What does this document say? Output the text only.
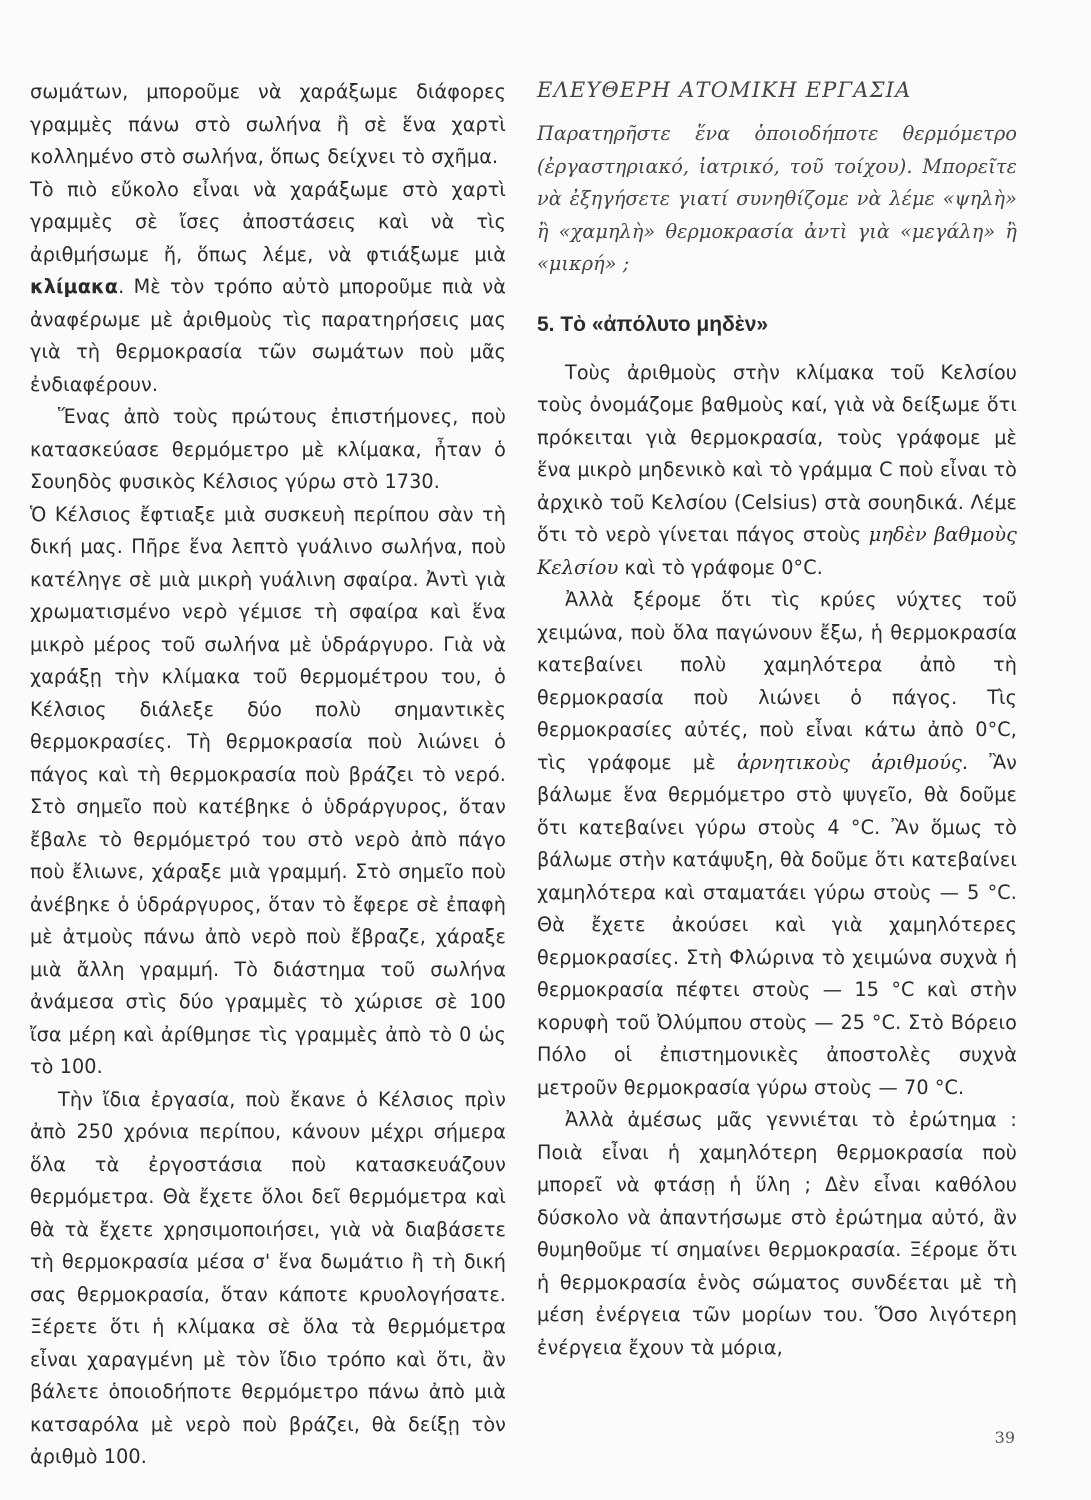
σωμάτων, μποροῦμε νὰ χαράξωμε διάφορες γραμμὲς πάνω στὸ σωλήνα ἢ σὲ ἕνα χαρτὶ κολλημένο στὸ σωλήνα, ὅπως δείχνει τὸ σχῆμα.

Τὸ πιὸ εὔκολο εἶναι νὰ χαράξωμε στὸ χαρτὶ γραμμὲς σὲ ἴσες ἀποστάσεις καὶ νὰ τὶς ἀριθμήσωμε ἤ, ὅπως λέμε, νὰ φτιάξωμε μιὰ κλίμακα. Μὲ τὸν τρόπο αὐτὸ μποροῦμε πιὰ νὰ ἀναφέρωμε μὲ ἀριθμοὺς τὶς παρατηρήσεις μας γιὰ τὴ θερμοκρασία τῶν σωμάτων ποὺ μᾶς ἐνδιαφέρουν.

Ἕνας ἀπὸ τοὺς πρώτους ἐπιστήμονες, ποὺ κατασκεύασε θερμόμετρο μὲ κλίμακα, ἦταν ὁ Σουηδὸς φυσικὸς Κέλσιος γύρω στὸ 1730.

Ὁ Κέλσιος ἔφτιαξε μιὰ συσκευὴ περίπου σὰν τὴ δική μας. Πῆρε ἕνα λεπτὸ γυάλινο σωλήνα, ποὺ κατέληγε σὲ μιὰ μικρὴ γυάλινη σφαίρα. Ἀντὶ γιὰ χρωματισμένο νερὸ γέμισε τὴ σφαίρα καὶ ἕνα μικρὸ μέρος τοῦ σωλήνα μὲ ὑδράργυρο. Γιὰ νὰ χαράξῃ τὴν κλίμακα τοῦ θερμομέτρου του, ὁ Κέλσιος διάλεξε δύο πολὺ σημαντικὲς θερμοκρασίες. Τὴ θερμοκρασία ποὺ λιώνει ὁ πάγος καὶ τὴ θερμοκρασία ποὺ βράζει τὸ νερό. Στὸ σημεῖο ποὺ κατέβηκε ὁ ὑδράργυρος, ὅταν ἔβαλε τὸ θερμόμετρό του στὸ νερὸ ἀπὸ πάγο ποὺ ἔλιωνε, χάραξε μιὰ γραμμή. Στὸ σημεῖο ποὺ ἀνέβηκε ὁ ὑδράργυρος, ὅταν τὸ ἔφερε σὲ ἐπαφὴ μὲ ἀτμοὺς πάνω ἀπὸ νερὸ ποὺ ἔβραζε, χάραξε μιὰ ἄλλη γραμμή. Τὸ διάστημα τοῦ σωλήνα ἀνάμεσα στὶς δύο γραμμὲς τὸ χώρισε σὲ 100 ἴσα μέρη καὶ ἀρίθμησε τὶς γραμμὲς ἀπὸ τὸ 0 ὡς τὸ 100.

Τὴν ἴδια ἐργασία, ποὺ ἔκανε ὁ Κέλσιος πρὶν ἀπὸ 250 χρόνια περίπου, κάνουν μέχρι σήμερα ὅλα τὰ ἐργοστάσια ποὺ κατασκευάζουν θερμόμετρα. Θὰ ἔχετε ὅλοι δεῖ θερμόμετρα καὶ θὰ τὰ ἔχετε χρησιμοποιήσει, γιὰ νὰ διαβάσετε τὴ θερμοκρασία μέσα σ' ἕνα δωμάτιο ἢ τὴ δική σας θερμοκρασία, ὅταν κάποτε κρυολογήσατε. Ξέρετε ὅτι ἡ κλίμακα σὲ ὅλα τὰ θερμόμετρα εἶναι χαραγμένη μὲ τὸν ἴδιο τρόπο καὶ ὅτι, ἂν βάλετε ὁποιοδήποτε θερμόμετρο πάνω ἀπὸ μιὰ κατσαρόλα μὲ νερὸ ποὺ βράζει, θὰ δείξῃ τὸν ἀριθμὸ 100.

ΕΛΕΥΘΕΡΗ ΑΤΟΜΙΚΗ ΕΡΓΑΣΙΑ

Παρατηρῆστε ἕνα ὁποιοδήποτε θερμόμετρο (ἐργαστηριακό, ἰατρικό, τοῦ τοίχου). Μπορεῖτε νὰ ἐξηγήσετε γιατί συνηθίζομε νὰ λέμε «ψηλὴ» ἢ «χαμηλὴ» θερμοκρασία ἀντὶ γιὰ «μεγάλη» ἢ «μικρή» ;

5. Τὸ «ἀπόλυτο μηδὲν»

Τοὺς ἀριθμοὺς στὴν κλίμακα τοῦ Κελσίου τοὺς ὀνομάζομε βαθμοὺς καί, γιὰ νὰ δείξωμε ὅτι πρόκειται γιὰ θερμοκρασία, τοὺς γράφομε μὲ ἕνα μικρὸ μηδενικὸ καὶ τὸ γράμμα C ποὺ εἶναι τὸ ἀρχικὸ τοῦ Κελσίου (Celsius) στὰ σουηδικά. Λέμε ὅτι τὸ νερὸ γίνεται πάγος στοὺς μηδὲν βαθμοὺς Κελσίου καὶ τὸ γράφομε 0°C.

Ἀλλὰ ξέρομε ὅτι τὶς κρύες νύχτες τοῦ χειμώνα, ποὺ ὅλα παγώνουν ἔξω, ἡ θερμοκρασία κατεβαίνει πολὺ χαμηλότερα ἀπὸ τὴ θερμοκρασία ποὺ λιώνει ὁ πάγος. Τὶς θερμοκρασίες αὐτές, ποὺ εἶναι κάτω ἀπὸ 0°C, τὶς γράφομε μὲ ἀρνητικοὺς ἀριθμούς. Ἂν βάλωμε ἕνα θερμόμετρο στὸ ψυγεῖο, θὰ δοῦμε ὅτι κατεβαίνει γύρω στοὺς 4 °C. Ἂν ὅμως τὸ βάλωμε στὴν κατάψυξη, θὰ δοῦμε ὅτι κατεβαίνει χαμηλότερα καὶ σταματάει γύρω στοὺς — 5 °C. Θὰ ἔχετε ἀκούσει καὶ γιὰ χαμηλότερες θερμοκρασίες. Στὴ Φλώρινα τὸ χειμώνα συχνὰ ἡ θερμοκρασία πέφτει στοὺς — 15 °C καὶ στὴν κορυφὴ τοῦ Ὀλύμπου στοὺς — 25 °C. Στὸ Βόρειο Πόλο οἱ ἐπιστημονικὲς ἀποστολὲς συχνὰ μετροῦν θερμοκρασία γύρω στοὺς — 70 °C.

Ἀλλὰ ἀμέσως μᾶς γεννιέται τὸ ἐρώτημα : Ποιὰ εἶναι ἡ χαμηλότερη θερμοκρασία ποὺ μπορεῖ νὰ φτάσῃ ἡ ὕλη ; Δὲν εἶναι καθόλου δύσκολο νὰ ἀπαντήσωμε στὸ ἐρώτημα αὐτό, ἂν θυμηθοῦμε τί σημαίνει θερμοκρασία. Ξέρομε ὅτι ἡ θερμοκρασία ἑνὸς σώματος συνδέεται μὲ τὴ μέση ἐνέργεια τῶν μορίων του. Ὅσο λιγότερη ἐνέργεια ἔχουν τὰ μόρια,

39
